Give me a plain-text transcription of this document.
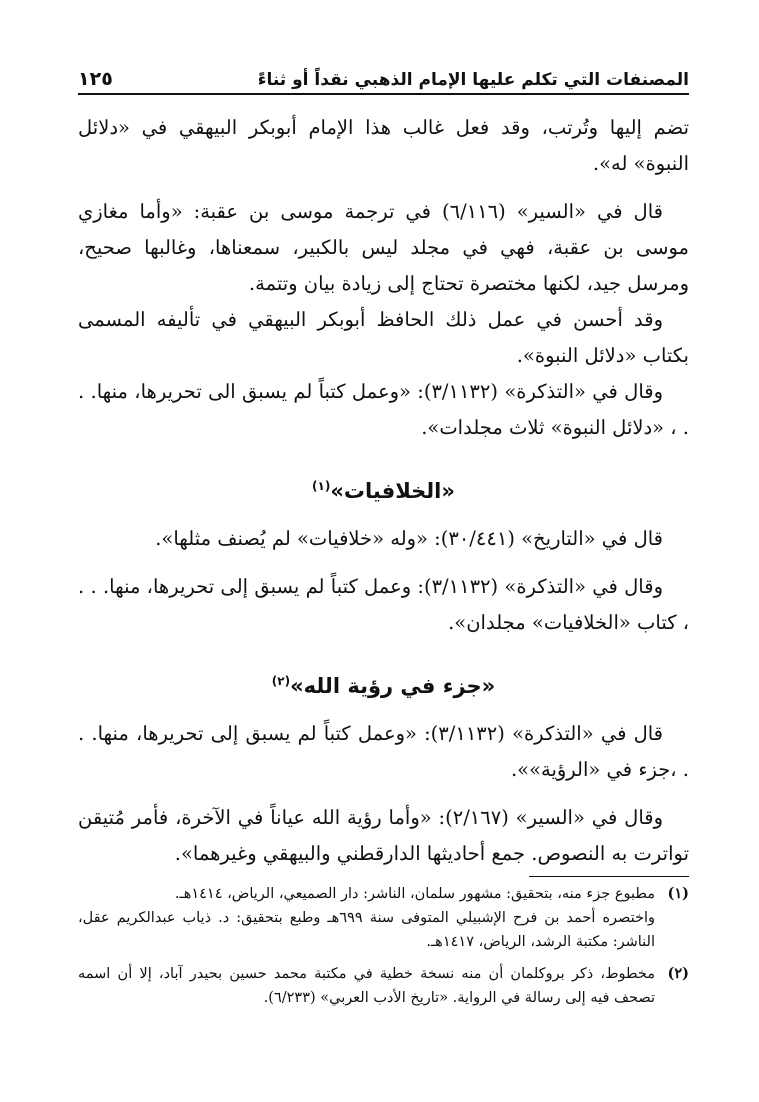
المصنفات التي تكلم عليها الإمام الذهبي نقداً أو ثناءً
١٢٥

تضم إليها وتُرتب، وقد فعل غالب هذا الإمام أبوبكر البيهقي في «دلائل النبوة» له».

قال في «السير» (٦/١١٦) في ترجمة موسى بن عقبة: «وأما مغازي موسى بن عقبة، فهي في مجلد ليس بالكبير، سمعناها، وغالبها صحيح، ومرسل جيد، لكنها مختصرة تحتاج إلى زيادة بيان وتتمة.

وقد أحسن في عمل ذلك الحافظ أبوبكر البيهقي في تأليفه المسمى بكتاب «دلائل النبوة».

وقال في «التذكرة» (٣/١١٣٢): «وعمل كتباً لم يسبق الى تحريرها، منها. . . ، «دلائل النبوة» ثلاث مجلدات».

«الخلافيات»$^{(١)}$

قال في «التاريخ» (٣٠/٤٤١): «وله «خلافيات» لم يُصنف مثلها».

وقال في «التذكرة» (٣/١١٣٢): وعمل كتباً لم يسبق إلى تحريرها، منها. . . ، كتاب «الخلافيات» مجلدان».

«جزء في رؤية الله»$^{(٢)}$

قال في «التذكرة» (٣/١١٣٢): «وعمل كتباً لم يسبق إلى تحريرها، منها. . . ،جزء في «الرؤية»».

وقال في «السير» (٢/١٦٧): «وأما رؤية الله عياناً في الآخرة، فأمر مُتيقن تواترت به النصوص. جمع أحاديثها الدارقطني والبيهقي وغيرهما».

(١)
مطبوع جزء منه، بتحقيق: مشهور سلمان، الناشر: دار الصميعي، الرياض، ١٤١٤هـ.
واختصره أحمد بن فرح الإشبيلي المتوفى سنة ٦٩٩هـ وطبع بتحقيق: د. ذياب عبدالكريم عقل، الناشر: مكتبة الرشد، الرياض، ١٤١٧هـ.
(٢)
مخطوط، ذكر بروكلمان أن منه نسخة خطية في مكتبة محمد حسين بحيدر آباد، إلا أن اسمه تصحف فيه إلى رسالة في الرواية. «تاريخ الأدب العربي» (٦/٢٣٣).
